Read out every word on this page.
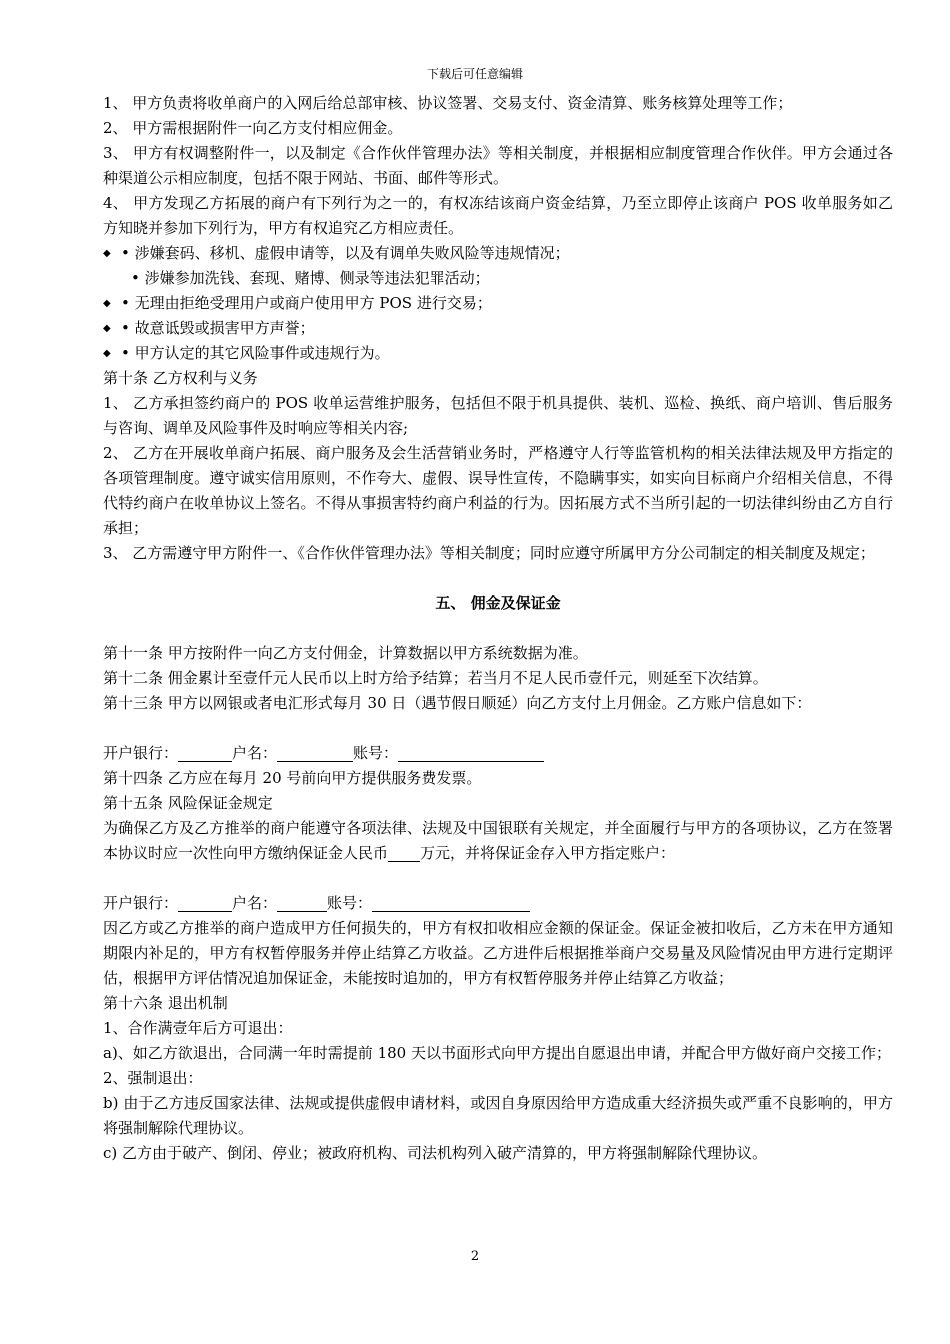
下载后可任意编辑

1、 甲方负责将收单商户的入网后给总部审核、协议签署、交易支付、资金清算、账务核算处理等工作；

2、 甲方需根据附件一向乙方支付相应佣金。

3、 甲方有权调整附件一，以及制定《合作伙伴管理办法》等相关制度，并根据相应制度管理合作伙伴。甲方会通过各种渠道公示相应制度，包括不限于网站、书面、邮件等形式。

4、 甲方发现乙方拓展的商户有下列行为之一的，有权冻结该商户资金结算，乃至立即停止该商户 POS 收单服务如乙方知晓并参加下列行为，甲方有权追究乙方相应责任。

◆ • 涉嫌套码、移机、虚假申请等，以及有调单失败风险等违规情况；

• 涉嫌参加洗钱、套现、赌博、侧录等违法犯罪活动；

◆ • 无理由拒绝受理用户或商户使用甲方 POS 进行交易；

◆ • 故意诋毁或损害甲方声誉；

◆ • 甲方认定的其它风险事件或违规行为。

第十条 乙方权利与义务

1、 乙方承担签约商户的 POS 收单运营维护服务，包括但不限于机具提供、装机、巡检、换纸、商户培训、售后服务与咨询、调单及风险事件及时响应等相关内容;

2、 乙方在开展收单商户拓展、商户服务及会生活营销业务时，严格遵守人行等监管机构的相关法律法规及甲方指定的各项管理制度。遵守诚实信用原则，不作夸大、虚假、误导性宣传，不隐瞒事实，如实向目标商户介绍相关信息，不得代特约商户在收单协议上签名。不得从事损害特约商户利益的行为。因拓展方式不当所引起的一切法律纠纷由乙方自行承担；

3、 乙方需遵守甲方附件一、《合作伙伴管理办法》等相关制度；同时应遵守所属甲方分公司制定的相关制度及规定；

五、 佣金及保证金

第十一条 甲方按附件一向乙方支付佣金，计算数据以甲方系统数据为准。

第十二条 佣金累计至壹仟元人民币以上时方给予结算；若当月不足人民币壹仟元，则延至下次结算。

第十三条 甲方以网银或者电汇形式每月 30 日（遇节假日顺延）向乙方支付上月佣金。乙方账户信息如下：

开户银行：	户名：	账号：

第十四条 乙方应在每月 20 号前向甲方提供服务费发票。

第十五条 风险保证金规定

为确保乙方及乙方推举的商户能遵守各项法律、法规及中国银联有关规定，并全面履行与甲方的各项协议，乙方在签署本协议时应一次性向甲方缴纳保证金人民币 万元，并将保证金存入甲方指定账户：

开户银行：	户名：	账号：

因乙方或乙方推举的商户造成甲方任何损失的，甲方有权扣收相应金额的保证金。保证金被扣收后，乙方未在甲方通知期限内补足的，甲方有权暂停服务并停止结算乙方收益。乙方进件后根据推举商户交易量及风险情况由甲方进行定期评估，根据甲方评估情况追加保证金，未能按时追加的，甲方有权暂停服务并停止结算乙方收益；

第十六条 退出机制

1、合作满壹年后方可退出：

a)、如乙方欲退出，合同满一年时需提前 180 天以书面形式向甲方提出自愿退出申请，并配合甲方做好商户交接工作；

2、强制退出：

b) 由于乙方违反国家法律、法规或提供虚假申请材料，或因自身原因给甲方造成重大经济损失或严重不良影响的，甲方将强制解除代理协议。

c) 乙方由于破产、倒闭、停业；被政府机构、司法机构列入破产清算的，甲方将强制解除代理协议。

2
